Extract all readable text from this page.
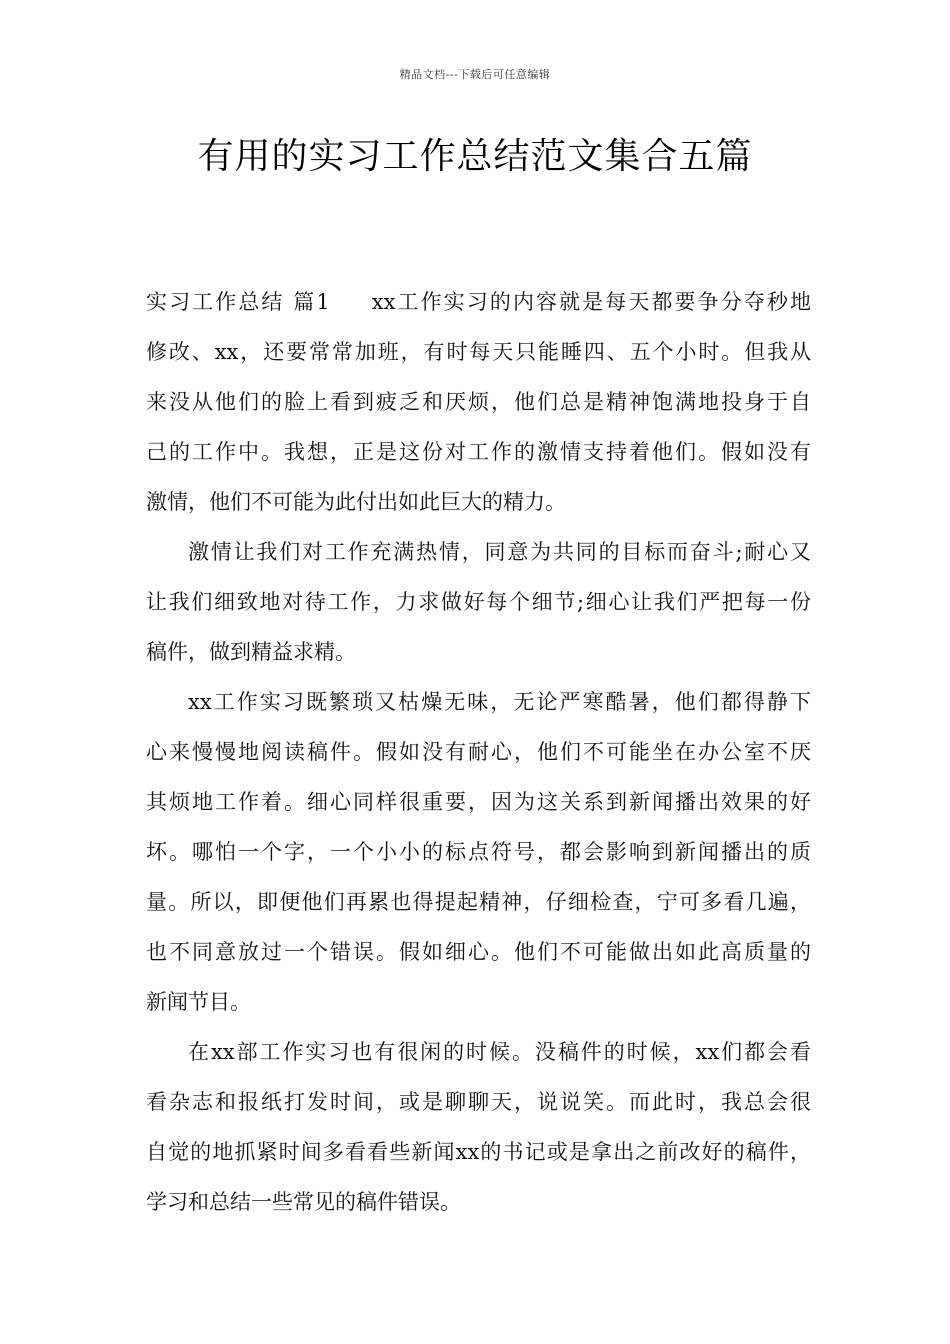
精品文档---下载后可任意编辑
有用的实习工作总结范文集合五篇
实习工作总结 篇1 xx工作实习的内容就是每天都要争分夺秒地
修改、xx，还要常常加班，有时每天只能睡四、五个小时。但我从
来没从他们的脸上看到疲乏和厌烦，他们总是精神饱满地投身于自
己的工作中。我想，正是这份对工作的激情支持着他们。假如没有
激情，他们不可能为此付出如此巨大的精力。
激情让我们对工作充满热情，同意为共同的目标而奋斗;耐心又
让我们细致地对待工作，力求做好每个细节;细心让我们严把每一份
稿件，做到精益求精。
xx工作实习既繁琐又枯燥无味，无论严寒酷暑，他们都得静下
心来慢慢地阅读稿件。假如没有耐心，他们不可能坐在办公室不厌
其烦地工作着。细心同样很重要，因为这关系到新闻播出效果的好
坏。哪怕一个字，一个小小的标点符号，都会影响到新闻播出的质
量。所以，即便他们再累也得提起精神，仔细检查，宁可多看几遍，
也不同意放过一个错误。假如细心。他们不可能做出如此高质量的
新闻节目。
在xx部工作实习也有很闲的时候。没稿件的时候，xx们都会看
看杂志和报纸打发时间，或是聊聊天，说说笑。而此时，我总会很
自觉的地抓紧时间多看看些新闻xx的书记或是拿出之前改好的稿件，
学习和总结一些常见的稿件错误。
